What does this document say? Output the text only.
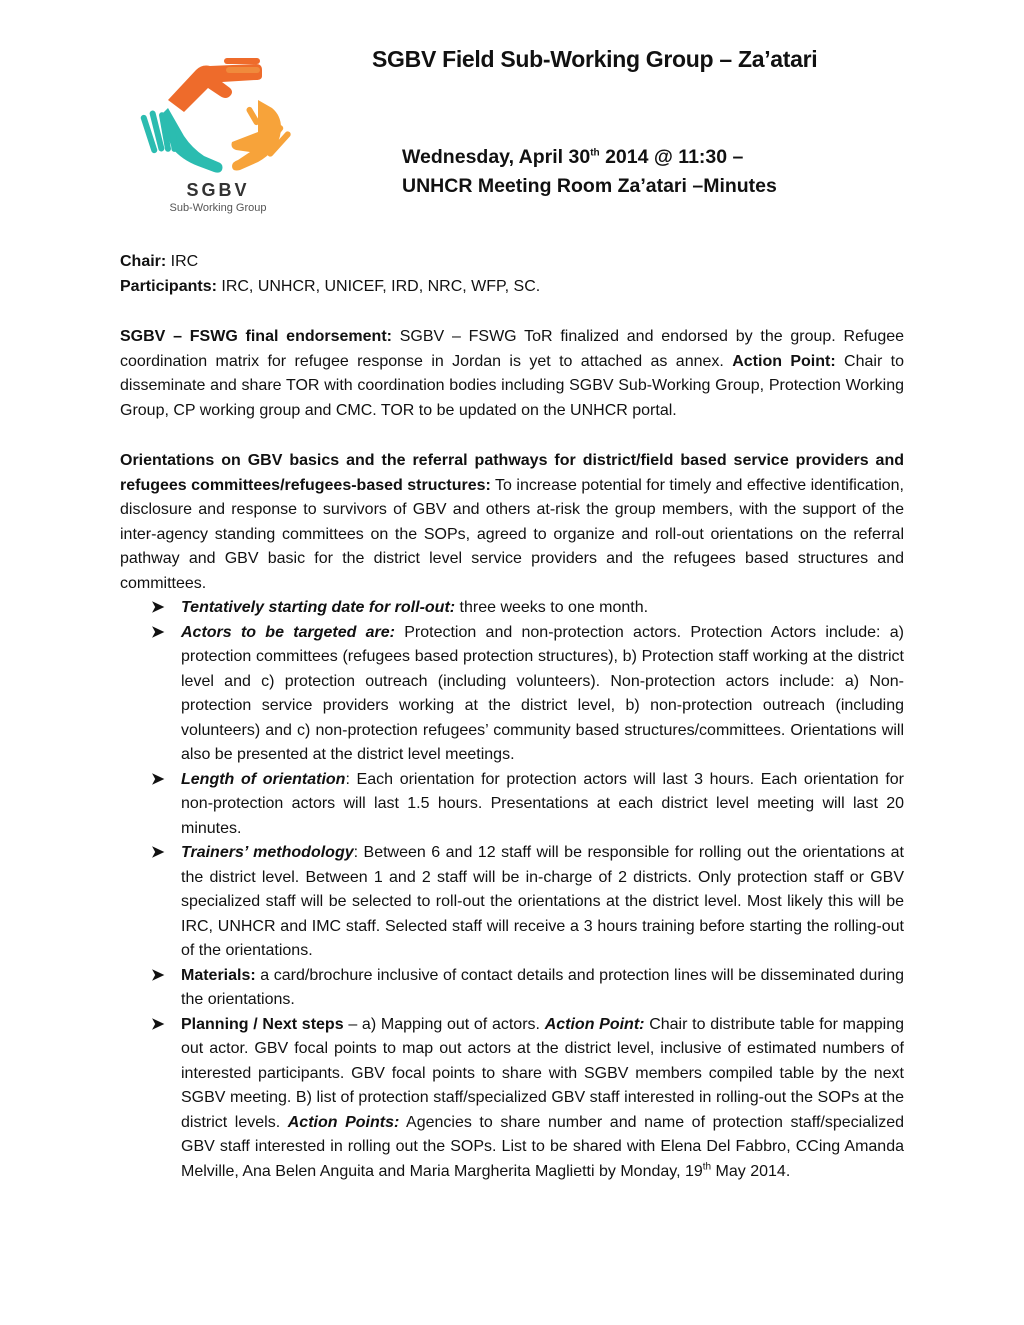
SGBV
Sub-Working Group
SGBV Field Sub-Working Group – Za’atari
Wednesday, April 30th 2014 @ 11:30 –
UNHCR Meeting Room Za’atari –Minutes

Chair: IRC

Participants: IRC, UNHCR, UNICEF, IRD, NRC, WFP, SC.

SGBV – FSWG final endorsement: SGBV – FSWG ToR finalized and endorsed by the group. Refugee coordination matrix for refugee response in Jordan is yet to attached as annex. Action Point: Chair to disseminate and share TOR with coordination bodies including SGBV Sub-Working Group, Protection Working Group, CP working group and CMC. TOR to be updated on the UNHCR portal.

Orientations on GBV basics and the referral pathways for district/field based service providers and refugees committees/refugees-based structures: To increase potential for timely and effective identification, disclosure and response to survivors of GBV and others at-risk the group members, with the support of the inter-agency standing committees on the SOPs, agreed to organize and roll-out orientations on the referral pathway and GBV basic for the district level service providers and the refugees based structures and committees.

➤ Tentatively starting date for roll-out: three weeks to one month.
➤ Actors to be targeted are: Protection and non-protection actors. Protection Actors include: a) protection committees (refugees based protection structures), b) Protection staff working at the district level and c) protection outreach (including volunteers). Non-protection actors include: a) Non-protection service providers working at the district level, b) non-protection outreach (including volunteers) and c) non-protection refugees’ community based structures/committees. Orientations will also be presented at the district level meetings.
➤ Length of orientation: Each orientation for protection actors will last 3 hours. Each orientation for non-protection actors will last 1.5 hours. Presentations at each district level meeting will last 20 minutes.
➤ Trainers’ methodology: Between 6 and 12 staff will be responsible for rolling out the orientations at the district level. Between 1 and 2 staff will be in-charge of 2 districts. Only protection staff or GBV specialized staff will be selected to roll-out the orientations at the district level. Most likely this will be IRC, UNHCR and IMC staff. Selected staff will receive a 3 hours training before starting the rolling-out of the orientations.
➤ Materials: a card/brochure inclusive of contact details and protection lines will be disseminated during the orientations.
➤ Planning / Next steps – a) Mapping out of actors. Action Point: Chair to distribute table for mapping out actor. GBV focal points to map out actors at the district level, inclusive of estimated numbers of interested participants. GBV focal points to share with SGBV members compiled table by the next SGBV meeting. B) list of protection staff/specialized GBV staff interested in rolling-out the SOPs at the district levels. Action Points: Agencies to share number and name of protection staff/specialized GBV staff interested in rolling out the SOPs. List to be shared with Elena Del Fabbro, CCing Amanda Melville, Ana Belen Anguita and Maria Margherita Maglietti by Monday, 19th May 2014.
